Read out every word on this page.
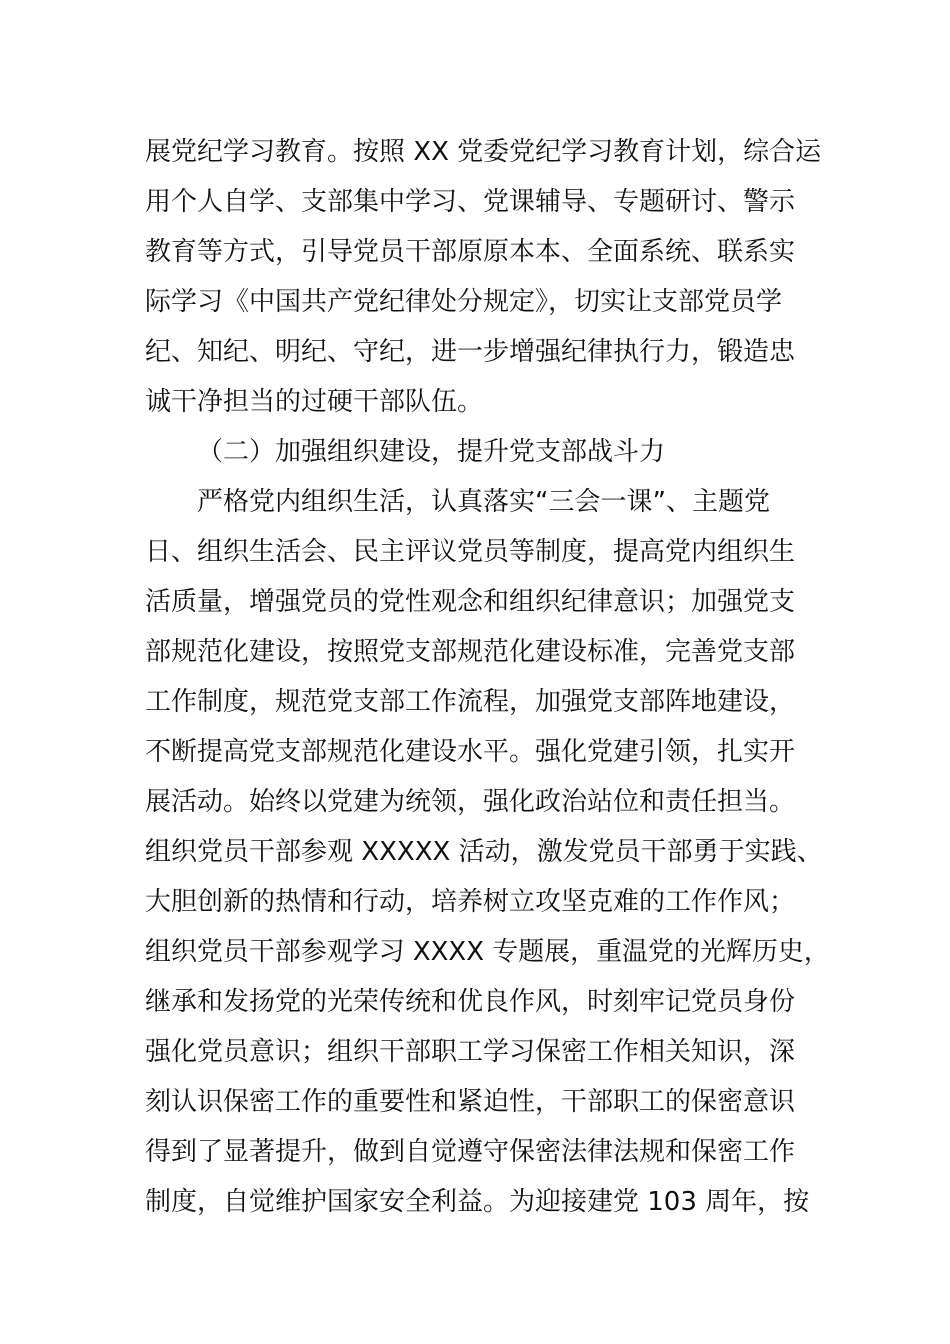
展党纪学习教育。按照 XX 党委党纪学习教育计划，综合运
用个人自学、支部集中学习、党课辅导、专题研讨、警示
教育等方式，引导党员干部原原本本、全面系统、联系实
际学习《中国共产党纪律处分规定》，切实让支部党员学
纪、知纪、明纪、守纪，进一步增强纪律执行力，锻造忠
诚干净担当的过硬干部队伍。
（二）加强组织建设，提升党支部战斗力
严格党内组织生活，认真落实“三会一课”、主题党
日、组织生活会、民主评议党员等制度，提高党内组织生
活质量，增强党员的党性观念和组织纪律意识；加强党支
部规范化建设，按照党支部规范化建设标准，完善党支部
工作制度，规范党支部工作流程，加强党支部阵地建设，
不断提高党支部规范化建设水平。强化党建引领，扎实开
展活动。始终以党建为统领，强化政治站位和责任担当。
组织党员干部参观 XXXXX 活动，激发党员干部勇于实践、
大胆创新的热情和行动，培养树立攻坚克难的工作作风；
组织党员干部参观学习 XXXX 专题展，重温党的光辉历史，
继承和发扬党的光荣传统和优良作风，时刻牢记党员身份
强化党员意识；组织干部职工学习保密工作相关知识，深
刻认识保密工作的重要性和紧迫性，干部职工的保密意识
得到了显著提升，做到自觉遵守保密法律法规和保密工作
制度，自觉维护国家安全利益。为迎接建党 103 周年，按
